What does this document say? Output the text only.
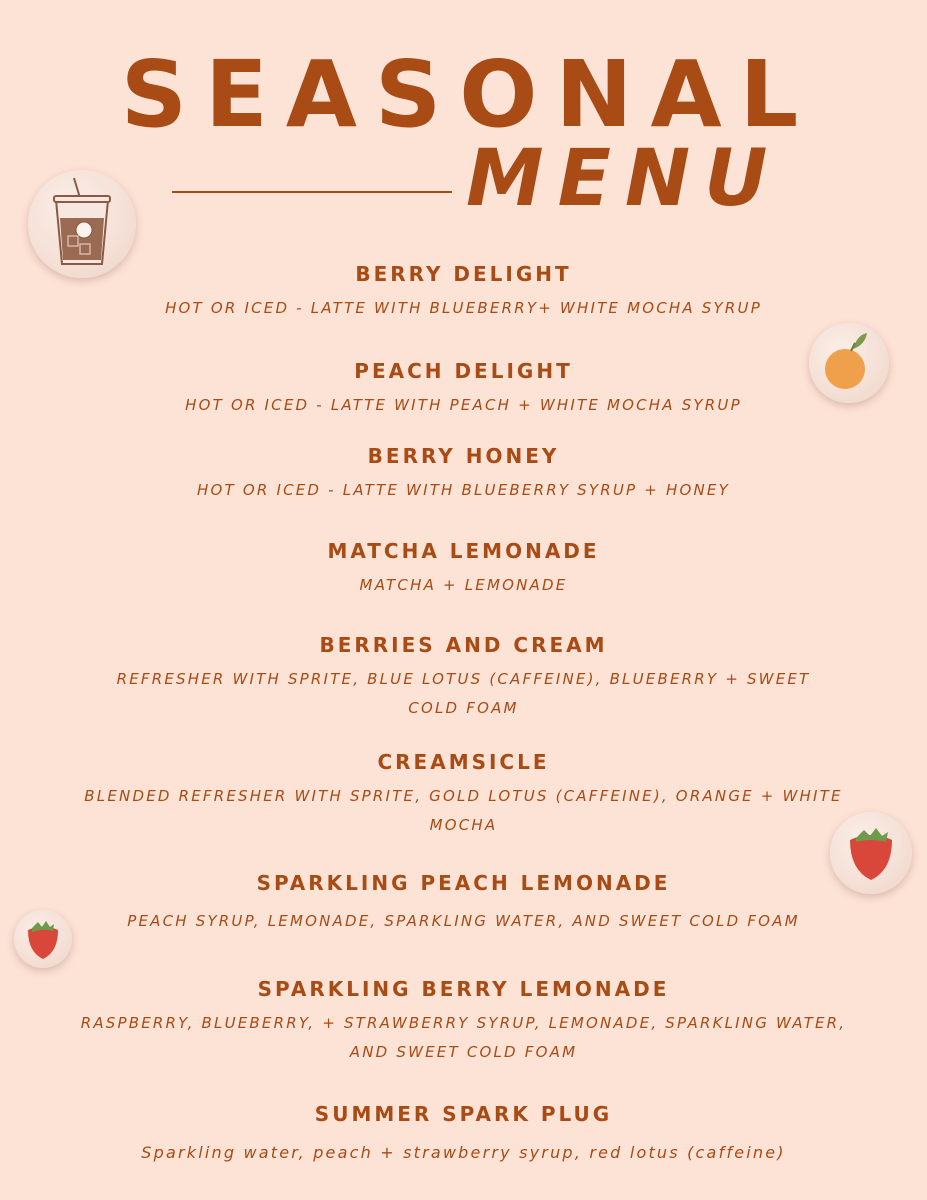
SEASONAL
MENU

BERRY DELIGHT

HOT OR ICED - LATTE WITH BLUEBERRY+ WHITE MOCHA SYRUP

PEACH DELIGHT

HOT OR ICED - LATTE WITH PEACH + WHITE MOCHA SYRUP

BERRY HONEY

HOT OR ICED - LATTE WITH BLUEBERRY SYRUP + HONEY

MATCHA LEMONADE

MATCHA + LEMONADE

BERRIES AND CREAM

REFRESHER WITH SPRITE, BLUE LOTUS (CAFFEINE), BLUEBERRY + SWEET COLD FOAM

CREAMSICLE

BLENDED REFRESHER WITH SPRITE, GOLD LOTUS (CAFFEINE), ORANGE + WHITE MOCHA

SPARKLING PEACH LEMONADE

PEACH SYRUP, LEMONADE, SPARKLING WATER, AND SWEET COLD FOAM

SPARKLING BERRY LEMONADE

RASPBERRY, BLUEBERRY, + STRAWBERRY SYRUP, LEMONADE, SPARKLING WATER, AND SWEET COLD FOAM

SUMMER SPARK PLUG

Sparkling water, peach + strawberry syrup, red lotus (caffeine)
